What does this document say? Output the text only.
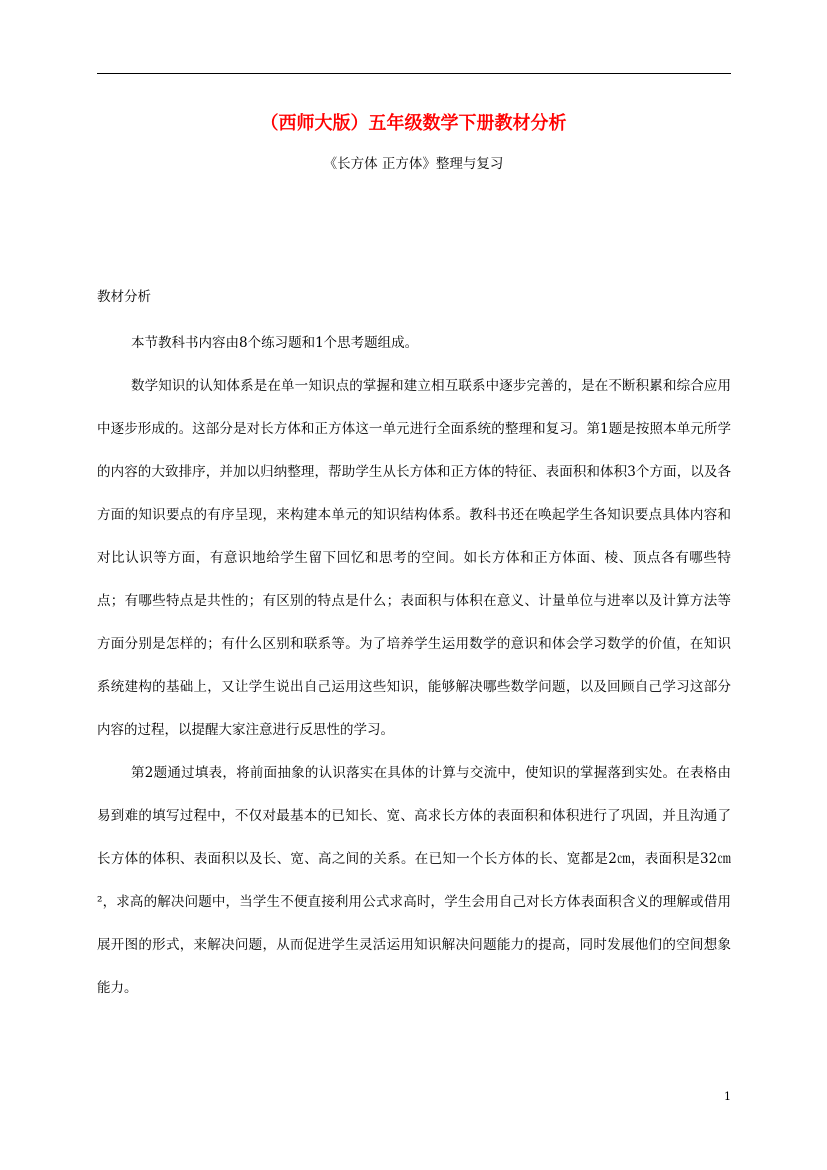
（西师大版）五年级数学下册教材分析
《长方体 正方体》整理与复习
教材分析

本节教科书内容由8个练习题和1个思考题组成。

数学知识的认知体系是在单一知识点的掌握和建立相互联系中逐步完善的，是在不断积累和综合应用中逐步形成的。这部分是对长方体和正方体这一单元进行全面系统的整理和复习。第1题是按照本单元所学的内容的大致排序，并加以归纳整理，帮助学生从长方体和正方体的特征、表面积和体积3个方面，以及各方面的知识要点的有序呈现，来构建本单元的知识结构体系。教科书还在唤起学生各知识要点具体内容和对比认识等方面，有意识地给学生留下回忆和思考的空间。如长方体和正方体面、棱、顶点各有哪些特点；有哪些特点是共性的；有区别的特点是什么；表面积与体积在意义、计量单位与进率以及计算方法等方面分别是怎样的；有什么区别和联系等。为了培养学生运用数学的意识和体会学习数学的价值，在知识系统建构的基础上，又让学生说出自己运用这些知识，能够解决哪些数学问题，以及回顾自己学习这部分内容的过程，以提醒大家注意进行反思性的学习。

第2题通过填表，将前面抽象的认识落实在具体的计算与交流中，使知识的掌握落到实处。在表格由易到难的填写过程中，不仅对最基本的已知长、宽、高求长方体的表面积和体积进行了巩固，并且沟通了长方体的体积、表面积以及长、宽、高之间的关系。在已知一个长方体的长、宽都是2㎝，表面积是32㎝²，求高的解决问题中，当学生不便直接利用公式求高时，学生会用自己对长方体表面积含义的理解或借用展开图的形式，来解决问题，从而促进学生灵活运用知识解决问题能力的提高，同时发展他们的空间想象能力。

1
